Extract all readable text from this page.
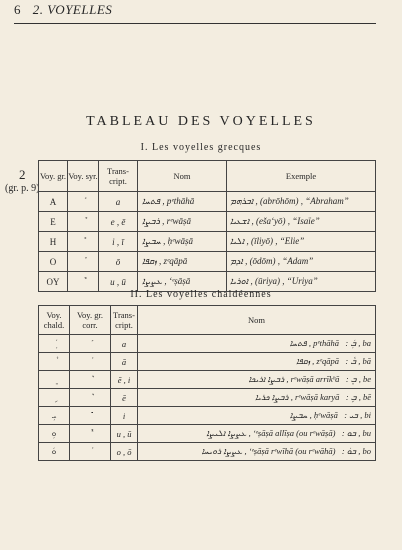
6 2. VOYELLES
2
(gr. p. 9)
TABLEAU DES VOYELLES
I. Les voyelles grecques
Voy. gr.	Voy. syr.	Trans-cript.	Nom	Exemple
A		a	ܦܬܚܐ , pᵉthāhā	ܐܒܪܗܡ , (abrōhōm) , “Abraham”
E		e , ē	ܪܒܨܐ , rᵉwāṣā	ܐܫܥܝܐ , (eša‘yō) , “Isaïe”
H		i , ī	ܚܒܨܐ , ḥᵉwāṣā	ܐܠܝܐ , (īliyō) , “Elie”
O		ō	ܙܩܦܐ , zᵉqāpā	ܐܕܡ , (ōdōm) , “Adam”
OY		u , ū	ܥܨܨܐ , ‘ᵉṣāṣā	ܐܘܪܝܐ , (ūriya) , “Uriya”
II. Les voyelles chaldéennes
Voy. chald.	Voy. gr. corr.	Trans-cript.	Nom
		a	ܦܬܚܐ , pᵉthāhā : ܒܲ , ba
		ā	ܙܩܦܐ , zᵉqāpā : ܒܵ , bā
		ē , i	ܪܒܨܐ ܐܪܝܟܐ , rᵉwāṣā arrīkʰā : ܒܸ , be
		ē	ܪܒܨܐ ܟܪܝܐ , rᵉwāṣā karyā : ܒܹ , bē
ܼܝ		i	ܚܒܨܐ , ḥᵉwāṣā : ܒܝ , bi
ܘܼ		u , ū	ܥܨܨܐ ܐܠܝܨܐ , ‘ᵉṣāṣā allīṣa (ou rᵉwāṣā) : ܒܘ , bu
ܘܿ		o , ō	ܥܨܨܐ ܪܘܝܚܐ , ‘ᵉṣāṣā rᵉwīhā (ou rᵉwāhā) : ܒܘܿ , bo
